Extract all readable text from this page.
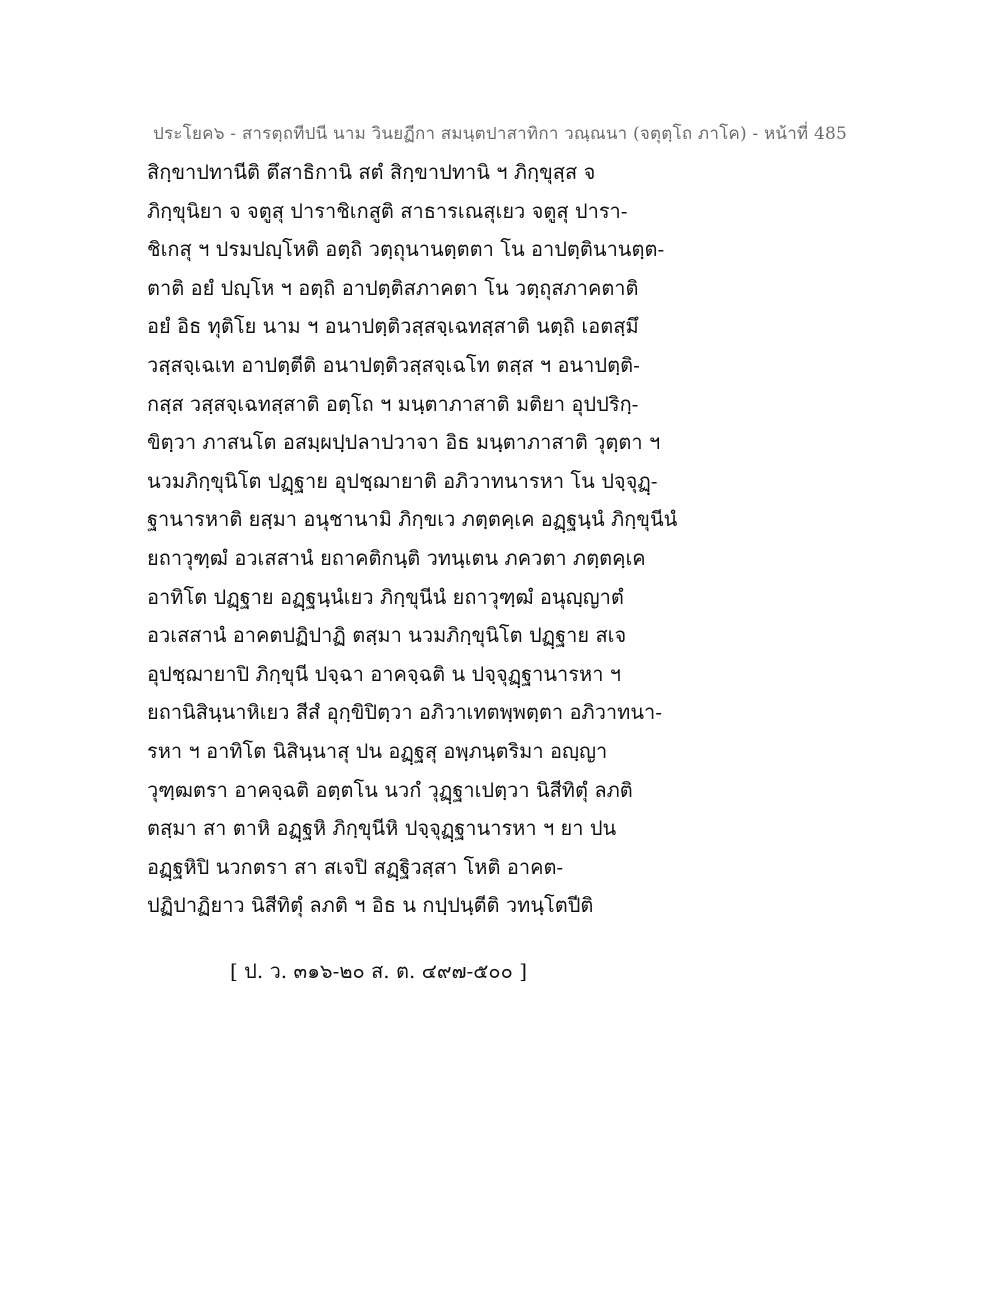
ประโยค๖ - สารตฺถทีปนี นาม วินยฏีกา สมนฺตปาสาทิกา วณฺณนา (จตุตฺโถ ภาโค) - หน้าที่ 485
สิกฺขาปทานีติ ตึสาธิกานิ สตํ สิกฺขาปทานิ ฯ ภิกฺขุสฺส จ
ภิกฺขุนิยา จ จตูสุ ปาราชิเกสูติ สาธารเณสุเยว จตูสุ ปารา-
ชิเกสุ ฯ ปรมปญฺโหติ อตฺถิ วตฺถุนานตฺตตา โน อาปตฺตินานตฺต-
ตาติ อยํ ปญฺโห ฯ อตฺถิ อาปตฺติสภาคตา โน วตฺถุสภาคตาติ
อยํ อิธ ทุติโย นาม ฯ อนาปตฺติวสฺสจฺเฉทสฺสาติ นตฺถิ เอตสฺมึ
วสฺสจฺเฉเท อาปตฺตีติ อนาปตฺติวสฺสจฺเฉโท ตสฺส ฯ อนาปตฺติ-
กสฺส วสฺสจฺเฉทสฺสาติ อตฺโถ ฯ มนฺตาภาสาติ มติยา อุปปริกฺ-
ขิตฺวา ภาสนโต อสมฺผปฺปลาปวาจา อิธ มนฺตาภาสาติ วุตฺตา ฯ
นวมภิกฺขุนิโต ปฏฺฐาย อุปชฺฌายาติ อภิวาทนารหา โน ปจฺจุฏฺ-
ฐานารหาติ ยสฺมา อนุชานามิ ภิกฺขเว ภตฺตคฺเค อฏฺฐนฺนํ ภิกฺขุนีนํ
ยถาวุฑฺฒํ อวเสสานํ ยถาคติกนฺติ วทนฺเตน ภควตา ภตฺตคฺเค
อาทิโต ปฏฺฐาย อฏฺฐนฺนํเยว ภิกฺขุนีนํ ยถาวุฑฺฒํ อนุญฺญาตํ
อวเสสานํ อาคตปฏิปาฏิ ตสฺมา นวมภิกฺขุนิโต ปฏฺฐาย สเจ
อุปชฺฌายาปิ ภิกฺขุนี ปจฺฉา อาคจฺฉติ น ปจฺจุฏฺฐานารหา ฯ
ยถานิสินฺนาหิเยว สีสํ อุกฺขิปิตฺวา อภิวาเทตพฺพตฺตา อภิวาทนา-
รหา ฯ อาทิโต นิสินฺนาสุ ปน อฏฺฐสุ อพฺภนฺตริมา อญฺญา
วุฑฺฒตรา อาคจฺฉติ อตฺตโน นวกํ วุฏฺฐาเปตฺวา นิสีทิตุํ ลภติ
ตสฺมา สา ตาหิ อฏฺฐหิ ภิกฺขุนีหิ ปจฺจุฏฺฐานารหา ฯ ยา ปน
อฏฺฐหิปิ นวกตรา สา สเจปิ สฏฺฐิวสฺสา โหติ อาคต-
ปฏิปาฏิยาว นิสีทิตุํ ลภติ ฯ อิธ น กปฺปนฺตีติ วทนฺโตปีติ
[ ป. ว. ๓๑๖-๒๐ ส. ต. ๔๙๗-๕๐๐ ]
